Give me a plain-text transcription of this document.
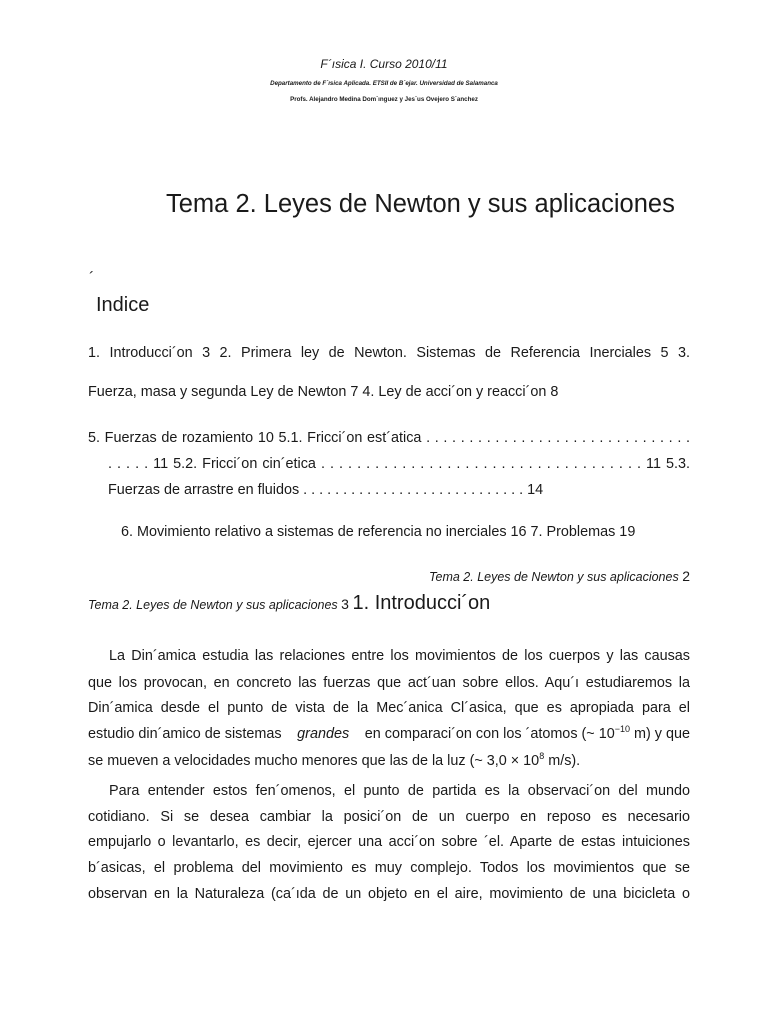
F´ısica I. Curso 2010/11
Departamento de F´ısica Aplicada. ETSII de B´ejar. Universidad de Salamanca
Profs. Alejandro Medina Dom´ınguez y Jes´us Ovejero S´anchez
Tema 2. Leyes de Newton y sus aplicaciones
´
Indice
1. Introducci´on 3 2. Primera ley de Newton. Sistemas de Referencia Inerciales 5 3.
Fuerza, masa y segunda Ley de Newton 7 4. Ley de acci´on y reacci´on 8
5. Fuerzas de rozamiento 10 5.1. Fricci´on est´atica . . . . . . . . . . . . . . . . . . . . . . . . . . . . . . .
. . . . . 11 5.2. Fricci´on cin´etica . . . . . . . . . . . . . . . . . . . . . . . . . . . . . . . . . . . . 11 5.3.
Fuerzas de arrastre en fluidos . . . . . . . . . . . . . . . . . . . . . . . . . . . . 14
6. Movimiento relativo a sistemas de referencia no inerciales 16 7. Problemas 19
Tema 2. Leyes de Newton y sus aplicaciones 2
Tema 2. Leyes de Newton y sus aplicaciones 3 1. Introducci´on
La Din´amica estudia las relaciones entre los movimientos de los cuerpos y las causas
que los provocan, en concreto las fuerzas que act´uan sobre ellos. Aqu´ı estudiaremos la
Din´amica desde el punto de vista de la Mec´anica Cl´asica, que es apropiada para el
estudio din´amico de sistemas grandes en comparaci´on con los ´atomos (~ $10^{-10}$ m) y que
se mueven a velocidades mucho menores que las de la luz (~ $3,0 \times 10^8$ m/s).
Para entender estos fen´omenos, el punto de partida es la observaci´on del mundo
cotidiano. Si se desea cambiar la posici´on de un cuerpo en reposo es necesario
empujarlo o levantarlo, es decir, ejercer una acci´on sobre ´el. Aparte de estas intuiciones
b´asicas, el problema del movimiento es muy complejo. Todos los movimientos que se
observan en la Naturaleza (ca´ıda de un objeto en el aire, movimiento de una bicicleta o
